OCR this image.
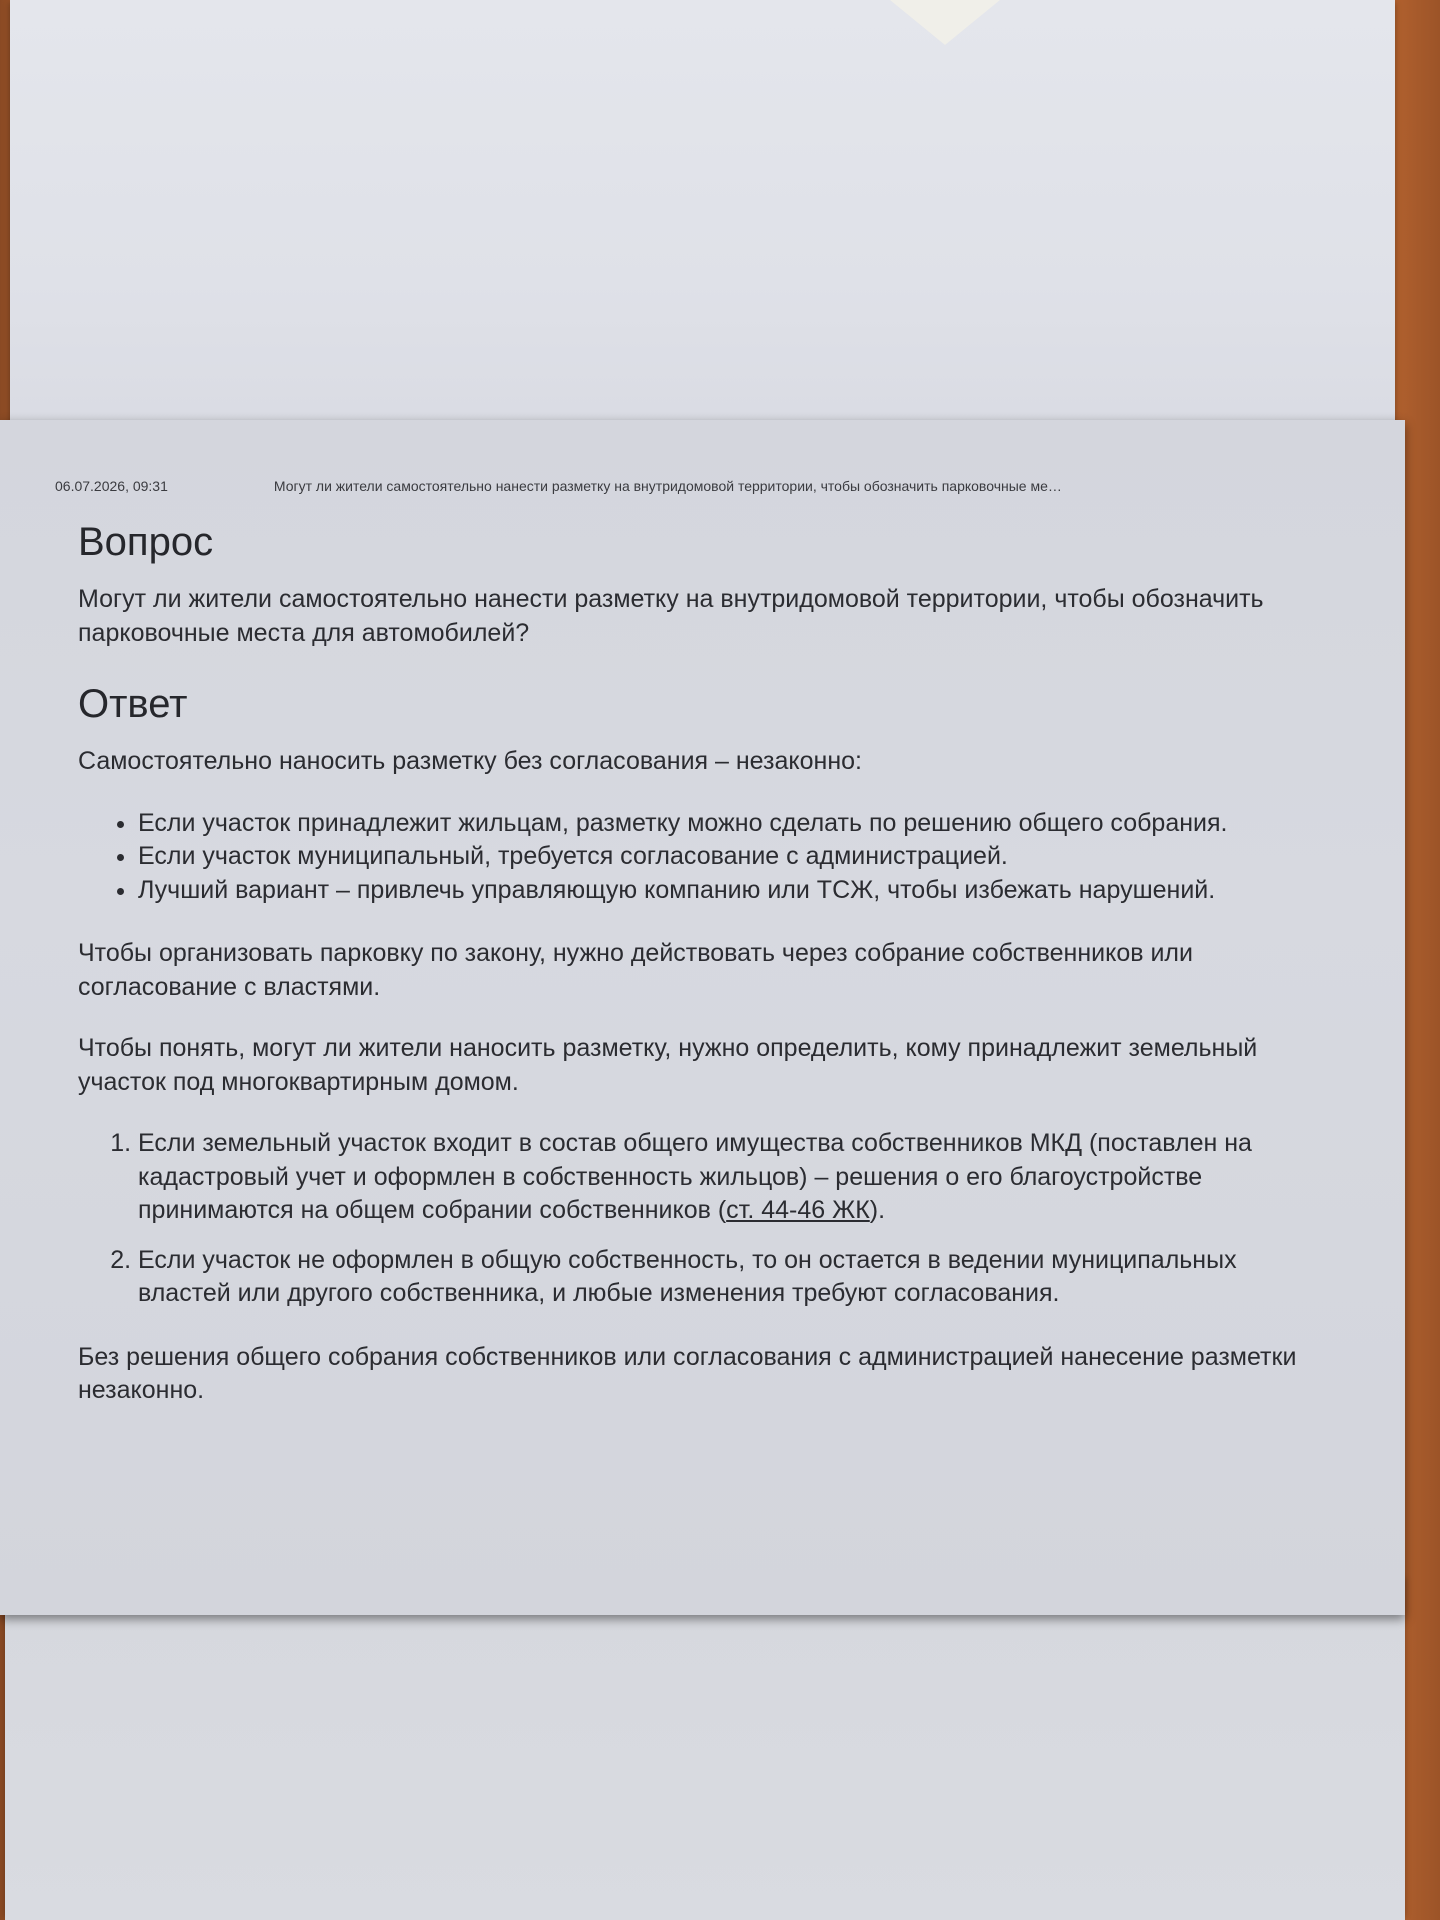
06.07.2026, 09:31	Могут ли жители самостоятельно нанести разметку на внутридомовой территории, чтобы обозначить парковочные ме…
Вопрос

Могут ли жители самостоятельно нанести разметку на внутридомовой территории, чтобы обозначить парковочные места для автомобилей?

Ответ

Самостоятельно наносить разметку без согласования – незаконно:

• Если участок принадлежит жильцам, разметку можно сделать по решению общего собрания.
• Если участок муниципальный, требуется согласование с администрацией.
• Лучший вариант – привлечь управляющую компанию или ТСЖ, чтобы избежать нарушений.

Чтобы организовать парковку по закону, нужно действовать через собрание собственников или согласование с властями.

Чтобы понять, могут ли жители наносить разметку, нужно определить, кому принадлежит земельный участок под многоквартирным домом.

1. Если земельный участок входит в состав общего имущества собственников МКД (поставлен на кадастровый учет и оформлен в собственность жильцов) – решения о его благоустройстве принимаются на общем собрании собственников (ст. 44-46 ЖК).
2. Если участок не оформлен в общую собственность, то он остается в ведении муниципальных властей или другого собственника, и любые изменения требуют согласования.

Без решения общего собрания собственников или согласования с администрацией нанесение разметки незаконно.
